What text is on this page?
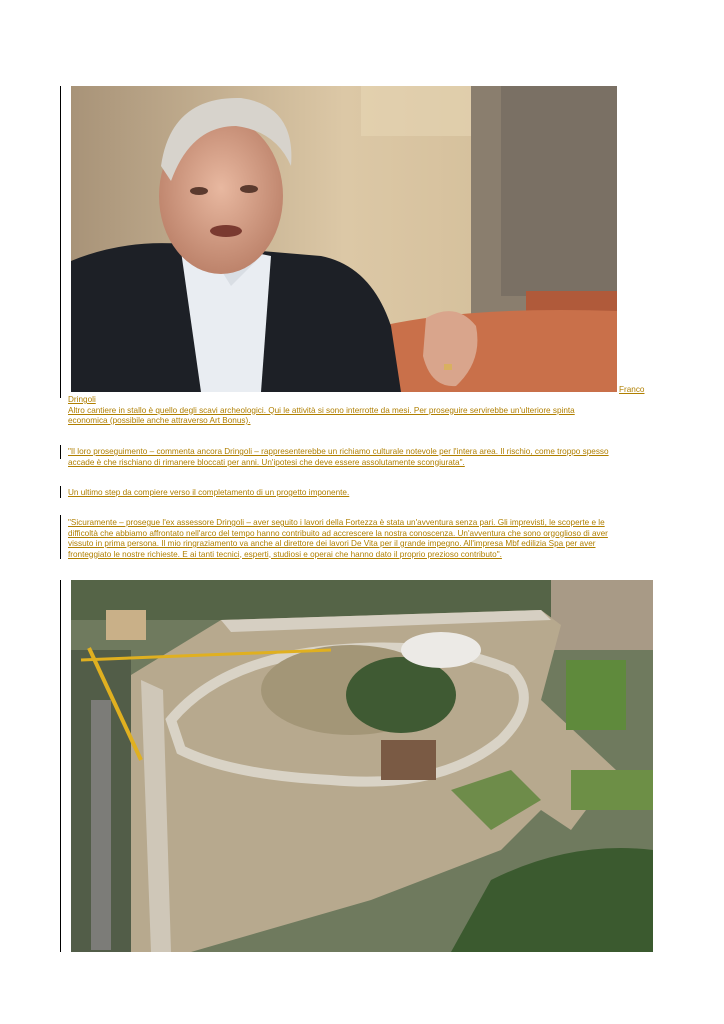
Franco
Dringoli
Altro cantiere in stallo è quello degli scavi archeologici. Qui le attività si sono interrotte da mesi. Per proseguire servirebbe un'ulteriore spinta
economica (possibile anche attraverso Art Bonus).
"Il loro proseguimento – commenta ancora Dringoli – rappresenterebbe un richiamo culturale notevole per l'intera area. Il rischio, come troppo spesso
accade è che rischiano di rimanere bloccati per anni. Un'ipotesi che deve essere assolutamente scongiurata".
Un ultimo step da compiere verso il completamento di un progetto imponente.
"Sicuramente – prosegue l'ex assessore Dringoli – aver seguito i lavori della Fortezza è stata un'avventura senza pari. Gli imprevisti, le scoperte e le
difficoltà che abbiamo affrontato nell'arco del tempo hanno contribuito ad accrescere la nostra conoscenza. Un'avventura che sono orgoglioso di aver
vissuto in prima persona. Il mio ringraziamento va anche al direttore dei lavori De Vita per il grande impegno. All'impresa Mbf edilizia Spa per aver
fronteggiato le nostre richieste. E ai tanti tecnici, esperti, studiosi e operai che hanno dato il proprio prezioso contributo".
